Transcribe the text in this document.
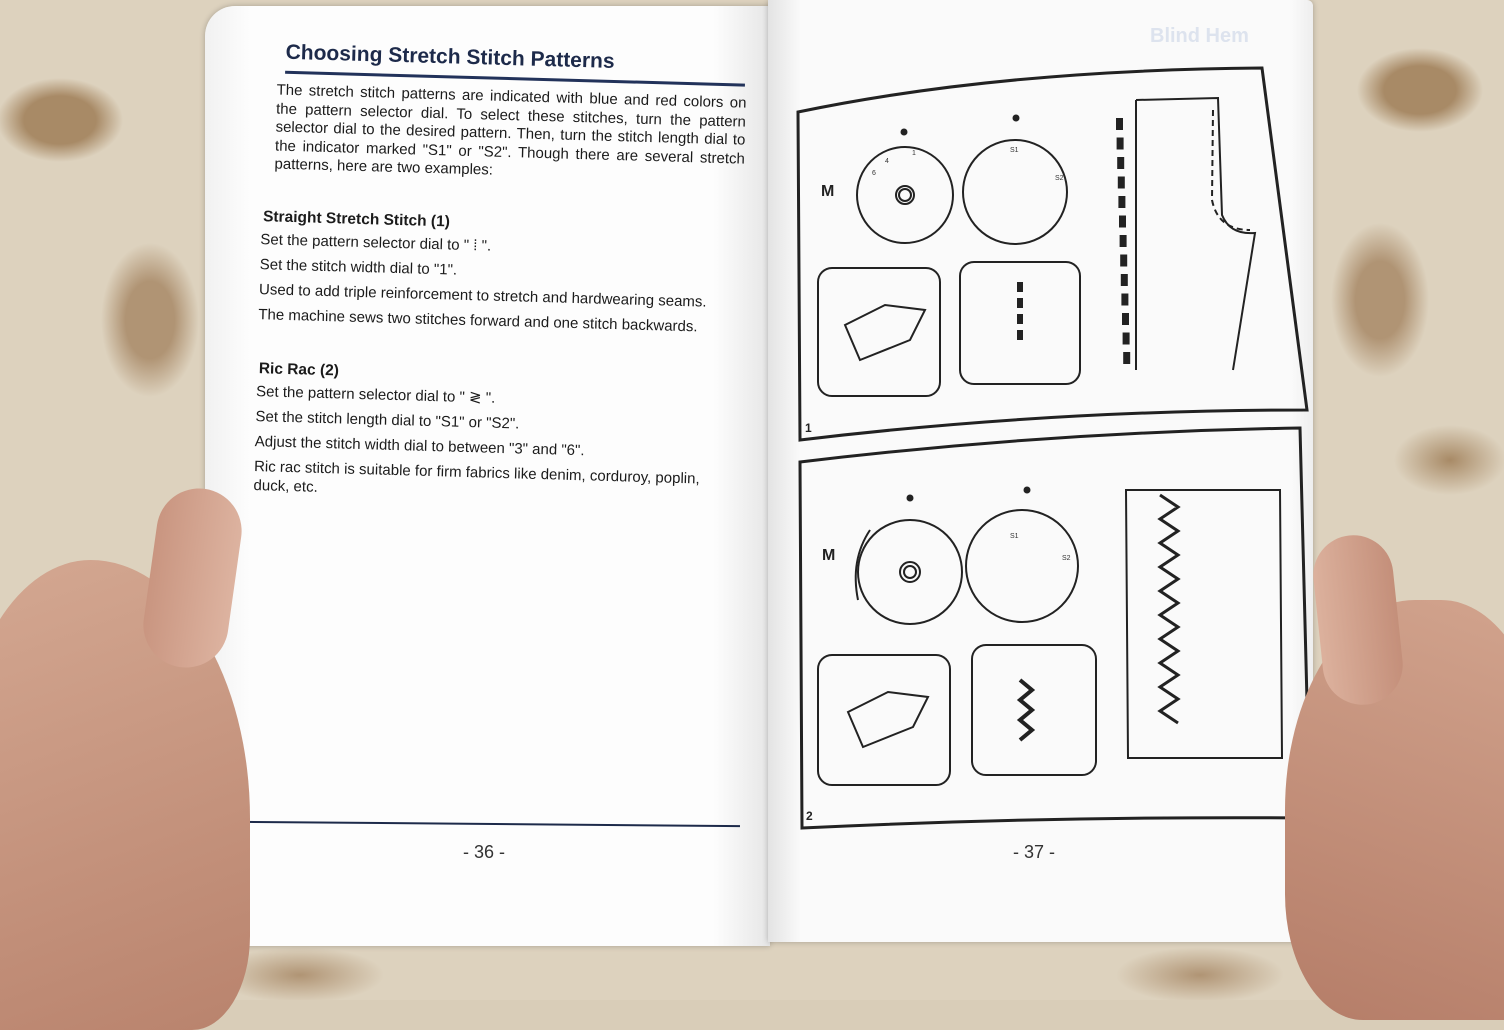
Blind Hem
Choosing Stretch Stitch Patterns
The stretch stitch patterns are indicated with blue and red colors on the pattern selector dial. To select these stitches, turn the pattern selector dial to the desired pattern. Then, turn the stitch length dial to the indicator marked "S1" or "S2". Though there are several stretch patterns, here are two examples:
Straight Stretch Stitch (1)
Set the pattern selector dial to " ⁞ ".
Set the stitch width dial to "1".
Used to add triple reinforcement to stretch and hardwearing seams.
The machine sews two stitches forward and one stitch backwards.
Ric Rac (2)
Set the pattern selector dial to " ≷ ".
Set the stitch length dial to "S1" or "S2".
Adjust the stitch width dial to between "3" and "6".
Ric rac stitch is suitable for firm fabrics like denim, corduroy, poplin, duck, etc.
- 36 -	- 37 -
M
M
1
2
6
4
1	S1
S2
S1
S2
